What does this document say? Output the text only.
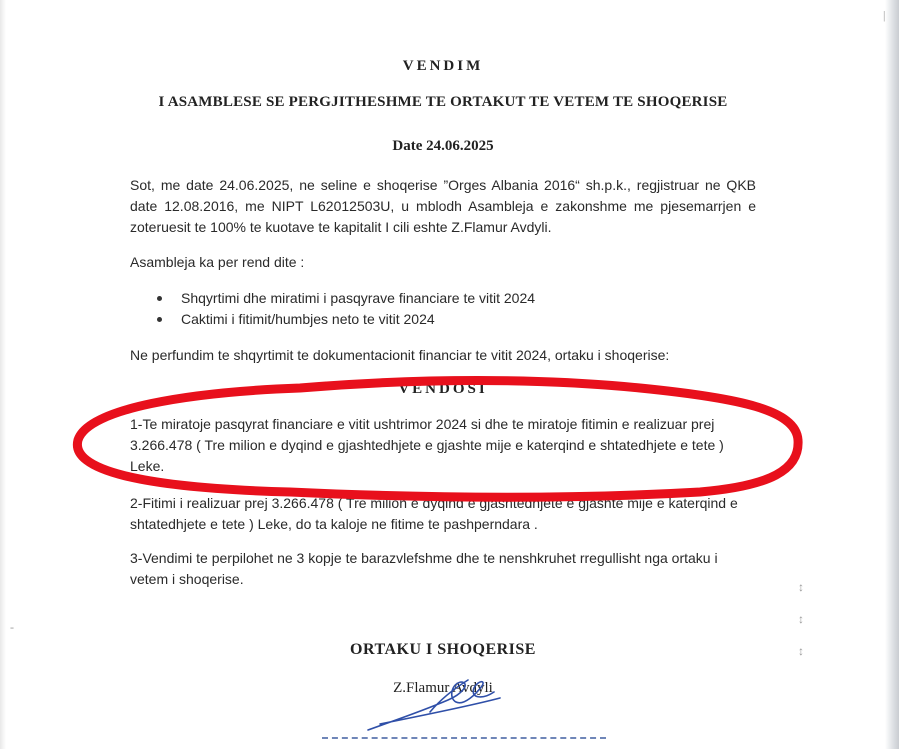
|
↕
↕
↕
-
VENDIM
I ASAMBLESE SE PERGJITHESHME TE ORTAKUT TE VETEM TE SHOQERISE
Date 24.06.2025
Sot, me date 24.06.2025, ne seline e shoqerise ”Orges Albania 2016“ sh.p.k., regjistruar ne QKB date 12.08.2016, me NIPT L62012503U, u mblodh Asambleja e zakonshme me pjesemarrjen e zoteruesit te 100% te kuotave te kapitalit I cili eshte Z.Flamur Avdyli.
Asambleja ka per rend dite :
Shqyrtimi dhe miratimi i pasqyrave financiare te vitit 2024
Caktimi i fitimit/humbjes neto te vitit 2024
Ne perfundim te shqyrtimit te dokumentacionit financiar te vitit 2024, ortaku i shoqerise:
VENDOSI
1-Te miratoje pasqyrat financiare e vitit ushtrimor 2024 si dhe te miratoje fitimin e realizuar prej 3.266.478 ( Tre milion e dyqind e gjashtedhjete e gjashte mije e katerqind e shtatedhjete e tete ) Leke.
2-Fitimi i realizuar prej 3.266.478 ( Tre milion e dyqind e gjashtedhjete e gjashte mije e katerqind e shtatedhjete e tete ) Leke, do ta kaloje ne fitime te pashperndara .
3-Vendimi te perpilohet ne 3 kopje te barazvlefshme dhe te nenshkruhet rregullisht nga ortaku i vetem i shoqerise.
ORTAKU I SHOQERISE
Z.Flamur Avdyli
